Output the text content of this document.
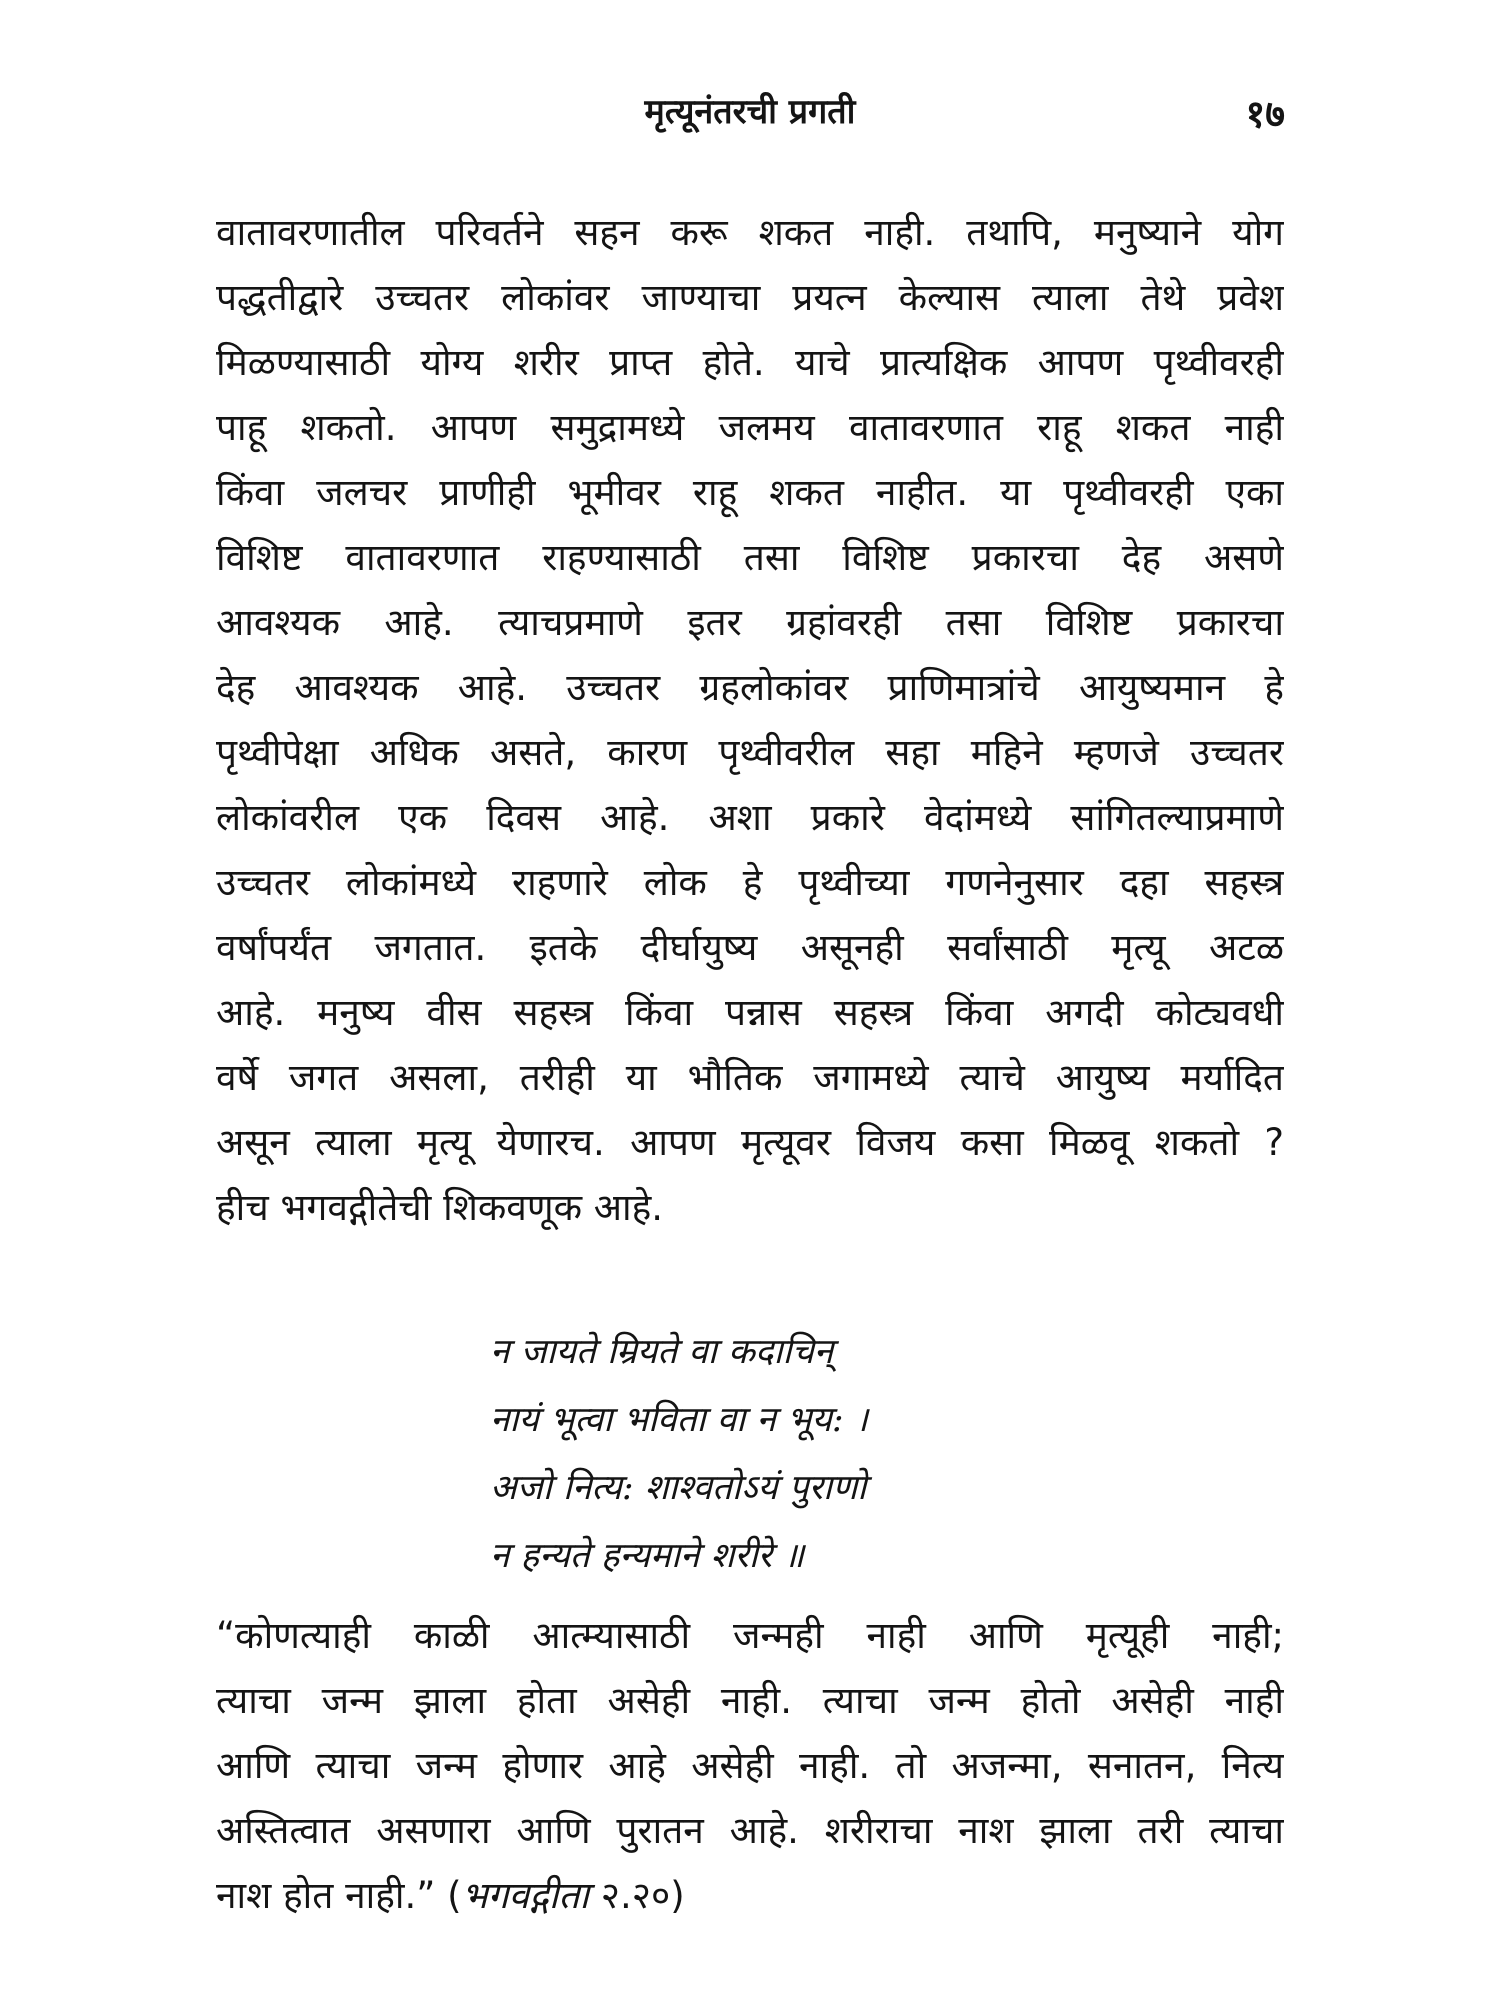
मृत्यूनंतरची प्रगती	१७
वातावरणातील परिवर्तने सहन करू शकत नाही. तथापि, मनुष्याने योग
पद्धतीद्वारे उच्चतर लोकांवर जाण्याचा प्रयत्न केल्यास त्याला तेथे प्रवेश
मिळण्यासाठी योग्य शरीर प्राप्त होते. याचे प्रात्यक्षिक आपण पृथ्वीवरही
पाहू शकतो. आपण समुद्रामध्ये जलमय वातावरणात राहू शकत नाही
किंवा जलचर प्राणीही भूमीवर राहू शकत नाहीत. या पृथ्वीवरही एका
विशिष्ट वातावरणात राहण्यासाठी तसा विशिष्ट प्रकारचा देह असणे
आवश्यक आहे. त्याचप्रमाणे इतर ग्रहांवरही तसा विशिष्ट प्रकारचा
देह आवश्यक आहे. उच्चतर ग्रहलोकांवर प्राणिमात्रांचे आयुष्यमान हे
पृथ्वीपेक्षा अधिक असते, कारण पृथ्वीवरील सहा महिने म्हणजे उच्चतर
लोकांवरील एक दिवस आहे. अशा प्रकारे वेदांमध्ये सांगितल्याप्रमाणे
उच्चतर लोकांमध्ये राहणारे लोक हे पृथ्वीच्या गणनेनुसार दहा सहस्त्र
वर्षांपर्यंत जगतात. इतके दीर्घायुष्य असूनही सर्वांसाठी मृत्यू अटळ
आहे. मनुष्य वीस सहस्त्र किंवा पन्नास सहस्त्र किंवा अगदी कोट्यवधी
वर्षे जगत असला, तरीही या भौतिक जगामध्ये त्याचे आयुष्य मर्यादित
असून त्याला मृत्यू येणारच. आपण मृत्यूवर विजय कसा मिळवू शकतो ?
हीच भगवद्गीतेची शिकवणूक आहे.
न जायते म्रियते वा कदाचिन्
नायं भूत्वा भविता वा न भूय: ।
अजो नित्य: शाश्वतोऽयं पुराणो
न हन्यते हन्यमाने शरीरे ॥
“कोणत्याही काळी आत्म्यासाठी जन्मही नाही आणि मृत्यूही नाही;
त्याचा जन्म झाला होता असेही नाही. त्याचा जन्म होतो असेही नाही
आणि त्याचा जन्म होणार आहे असेही नाही. तो अजन्मा, सनातन, नित्य
अस्तित्वात असणारा आणि पुरातन आहे. शरीराचा नाश झाला तरी त्याचा
नाश होत नाही.” (भगवद्गीता २.२०)
